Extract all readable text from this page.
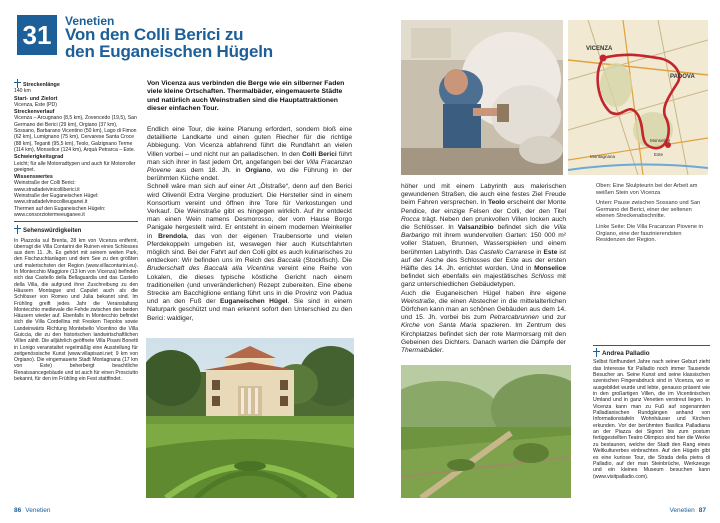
31	Venetien
Von den Colli Berici zu
den Euganeischen Hügeln
Streckenlänge
140 km
Start- und Zielort
Vicenza, Este (PD)
Streckenverlauf
Vicenza – Arcugnano (8,5 km), Zovencedo (19,5), San Germano dei Berici (29 km), Orgiano (37 km), Sossano, Barbarano Vicentino (50 km), Lago di Fimon (62 km), Lumignano (75 km), Cervarese Santa Croce (88 km), Teganti (95,5 km), Teolo, Galzignano Terme (114 km), Monselice (124 km), Arquà Petrarca – Este.
Schwierigkeitsgrad
Leicht; für alle Motorradtypen und auch für Motorroller geeignet.
Wissenswertes
Weinstraße der Colli Berici:
www.stradadeivinicolliberici.it
Weinstraße der Euganeischen Hügel:
www.stradadelvinocollieuganei.it
Thermen auf den Euganeischen Hügeln:
www.consorziotermeeuganee.it
Sehenswürdigkeiten
In Piazzola sul Brenta, 28 km von Vicenza entfernt, überragt die Villa Contarini die Ruinen eines Schlosses aus dem 11. Jh. Es gehört mit seinem weiten Park, den Fischzuchtanlagen und dem See zu den größten und malerischsten der Region (www.villacontarini.eu). In Montecchio Maggiore (13 km von Vicenza) befinden sich das Castello della Bellaguardia und das Castello della Villa, die aufgrund ihrer Zuschreibung zu den Häusern Montague und Capulet auch als die Schlösser von Romeo und Julia bekannt sind. Im Frühling greift jedes Jahr die Veranstaltung Montecchio medievale die Fehde zwischen den beiden Häusern wieder auf. Ebenfalls in Montecchio befindet sich die Villa Cordellina mit Fresken Tiepolos sowie Landeinwärts Richtung Montebello Vicentino die Villa Guiccia, die zu den historischen landwirtschaftlichen Villen zählt. Die alljährlich geöffnete Villa Pisani Bonetti in Lonigo veranstaltet regelmäßig eine Ausstellung für zeitgenössische Kunst (www.villapisani.net; 9 km von Orgiano). Die eingemauerte Stadt Montagnana (17 km von Este) beherbergt beachtliche Renaissancegebäude und ist auch für einen Prosciutto bekannt, für den im Frühling ein Fest stattfindet.
Von Vicenza aus verbinden die Berge wie ein silberner Faden viele kleine Ortschaften. Thermalbäder, eingemauerte Städte und natürlich auch Weinstraßen sind die Hauptattraktionen dieser einfachen Tour.

Endlich eine Tour, die keine Planung erfordert, sondern bloß eine detaillierte Landkarte und einen guten Riecher für die richtige Abbiegung. Von Vicenza abfahrend führt die Rundfahrt an vielen Villen vorbei – und nicht nur an palladischen. In den Colli Berici führt man sich ihrer in fast jedem Ort, angefangen bei der Villa Fracanzan Piovene aus dem 18. Jh. in Orgiano, wo die Führung in der berühmten Küche endet.

Schnell wäre man sich auf einer Art „Ölstraße“, denn auf den Berici wird Olivenöl Extra Vergine produziert. Die Hersteller sind in einem Konsortium vereint und öffnen ihre Tore für Verkostungen und Verkauf. Die Weinstraße gibt es hingegen wirklich. Auf ihr entdeckt man einen Wein namens Desmorosso, der vom Hause Borgo Panigale hergestellt wird. Er entsteht in einem modernen Weinkeller in Brendola, das von der eigenen Traubensorte und vielen Pferdekoppeln umgeben ist, weswegen hier auch Kutschfahrten möglich sind. Bei der Fahrt auf den Colli gibt es auch kulinarisches zu entdecken: Wir befinden uns im Reich des Baccalà (Stockfisch). Die Bruderschaft des Baccalà alla Vicentina vereint eine Reihe von Lokalen, die dieses typische köstliche Gericht nach einem traditionellen (und unveränderlichen) Rezept zubereiten. Eine ebene Strecke am Bacchiglione entlang führt uns in die Provinz von Padua und an den Fuß der Euganeischen Hügel. Sie sind in einem Naturpark geschützt und man erkennt sofort den Unterschied zu den Berici: waldiger,

86 Venetien
VICENZA
PADOVA
Monselice
Este
Montagnana

höher und mit einem Labyrinth aus malerischen gewundenen Straßen, die auch eine festes Ziel Freude beim Fahren versprechen. In Teolo erscheint der Monte Pendice, der einzige Felsen der Colli, der den Titel Rocca trägt. Neben den prunkvollen Villen locken auch die Schlösser. In Valsanzibio befindet sich die Villa Barbarigo mit ihrem wundervollen Garten: 150 000 m² voller Statuen, Brunnen, Wasserspielen und einem berühmten Labyrinth. Das Castello Carrarese in Este ist auf der Asche des Schlosses der Este aus der ersten Hälfte des 14. Jh. errichtet worden. Und in Monselice befindet sich ebenfalls ein majestätisches Schloss mit ganz unterschiedlichen Gebäudetypen.

Auch die Euganeischen Hügel haben ihre eigene Weinstraße, die einen Abstecher in die mittelalterlichen Dörfchen kann man an schönen Gebäuden aus dem 14. und 15. Jh. vorbei bis zum Petrarcabrunnen und zur Kirche von Santa Maria spazieren. Im Zentrum des Kirchplatzes befindet sich der rote Marmorsarg mit den Gebeinen des Dichters. Danach warten die Dämpfe der Thermalbäder.

Oben: Eine Skulpteurin bei der Arbeit am weißen Stein von Vicenza

Unten: Pause zwischen Sossano und San Germano dei Berici, einer der seltenen ebenen Streckenabschnitte.

Linke Seite: Die Villa Fracanzan Piovene in Orgiano, eine der faszinierendsten Residenzen der Region.

Andrea Palladio
Selbst fünfhundert Jahre nach seiner Geburt zieht das Interesse für Palladio noch immer Tausende Besucher an. Seine Kunst und seine klassischen szenischen Fingerabdruck sind in Vicenza, wo er ausgebildet wurde und lebte, genauso präsent wie in den großartigen Villen, die im Vicentinischen Umland und in ganz Venetien verstreut liegen. In Vicenza kann man zu Fuß auf sogenannten Palladianischen Rundgängen anhand von Informationstafeln Wohnhäuser und Kirchen erkunden. Vor der berühmten Basilica Palladiana an der Piazza dei Signori bis zum postum fertiggestellten Teatro Olimpico sind hier die Werke zu bestaunen, welche der Stadt den Rang eines Weltkulturerbes einbrachten. Auf den Hügeln gibt es eine kuriose Tour, die Strada della pietra di Palladio, auf der man Steinbrüche, Werkzeuge und ein kleines Museum besuchen kann (www.visitpalladio.com).
Venetien 87
